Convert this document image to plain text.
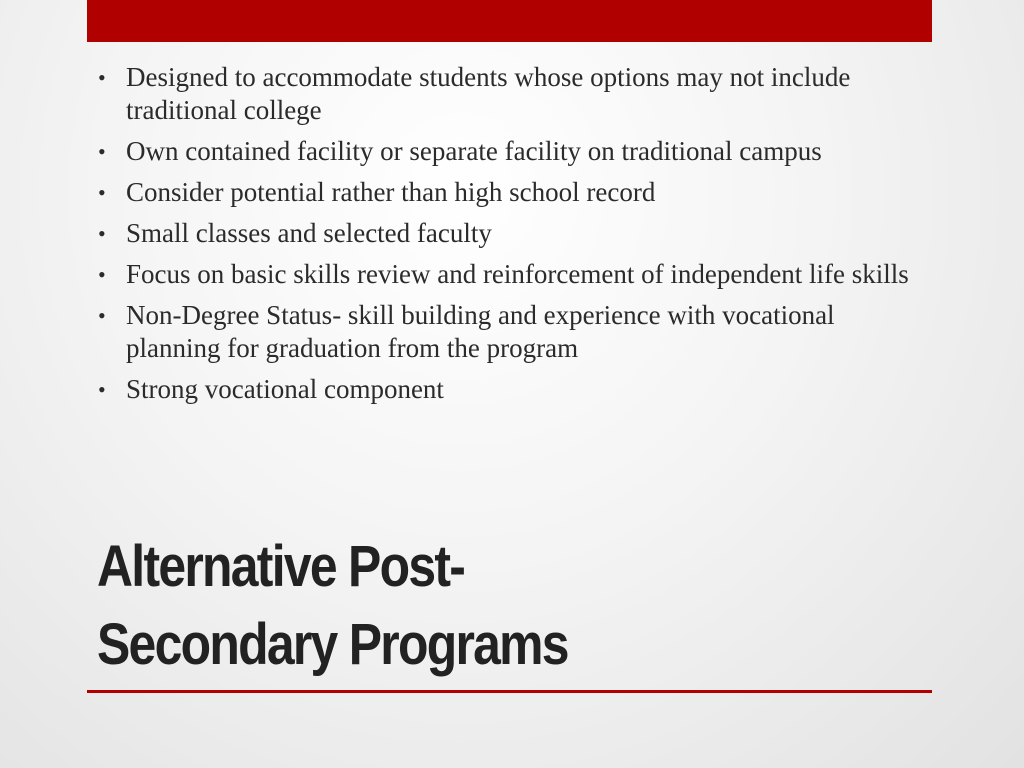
• Designed to accommodate students whose options may not include traditional college
• Own contained facility or separate facility on traditional campus
• Consider potential rather than high school record
• Small classes and selected faculty
• Focus on basic skills review and reinforcement of independent life skills
• Non-Degree Status- skill building and experience with vocational planning for graduation from the program
• Strong vocational component
Alternative Post-
Secondary Programs
